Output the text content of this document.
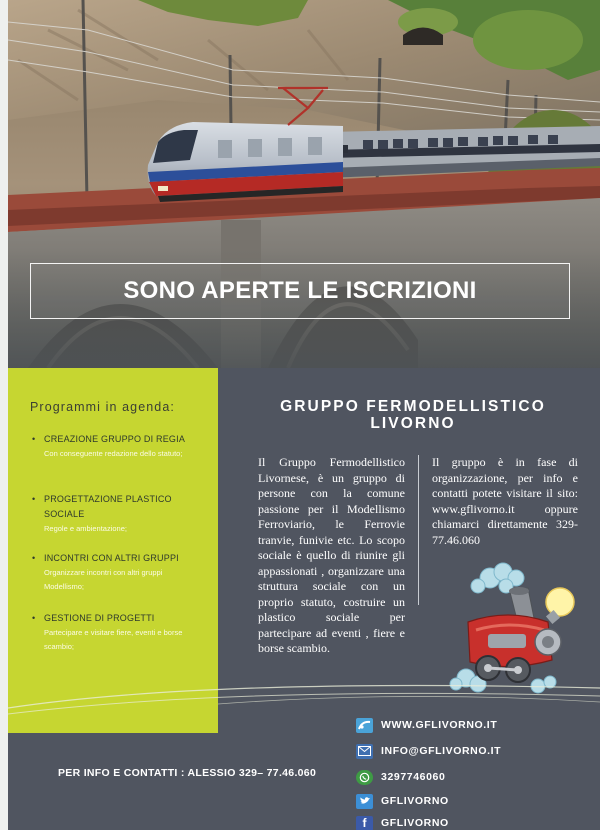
SONO APERTE LE ISCRIZIONI
Programmi in agenda:
• CREAZIONE GRUPPO DI REGIA
Con conseguente redazione dello statuto;
• PROGETTAZIONE PLASTICO SOCIALE
Regole e ambientazione;
• INCONTRI CON ALTRI GRUPPI
Organizzare incontri con altri gruppi Modellismo;
• GESTIONE DI PROGETTI
Partecipare e visitare fiere, eventi e borse scambio;
GRUPPO FERMODELLISTICO LIVORNO
Il Gruppo Fermodellistico Livornese, è un gruppo di persone con la comune passione per il Modellismo Ferroviario, le Ferrovie tranvie, funivie etc. Lo scopo sociale è quello di riunire gli appassionati , organizzare una struttura sociale con un proprio statuto, costruire un plastico sociale per partecipare ad eventi , fiere e borse scambio.
Il gruppo è in fase di organizzazione, per info e contatti potete visitare il sito: www.gflivorno.it oppure chiamarci direttamente 329-77.46.060
PER INFO E CONTATTI : ALESSIO 329– 77.46.060
WWW.GFLIVORNO.IT
INFO@GFLIVORNO.IT
3297746060
GFLIVORNO
f GFLIVORNO
